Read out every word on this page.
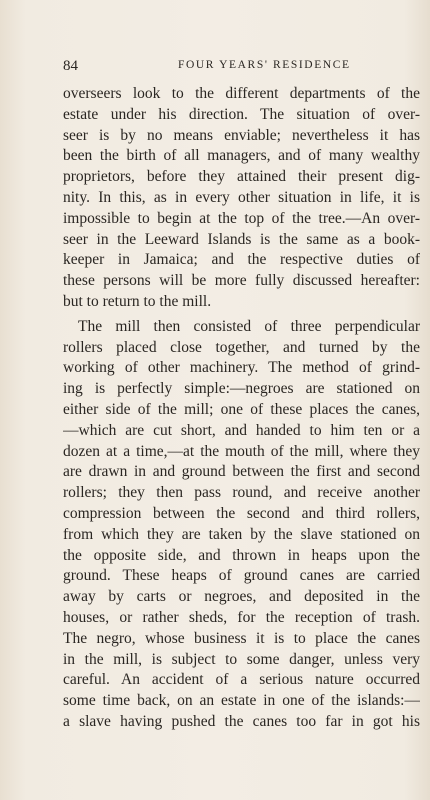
84	FOUR YEARS' RESIDENCE
overseers look to the different departments of the
estate under his direction. The situation of over-
seer is by no means enviable; nevertheless it has
been the birth of all managers, and of many wealthy
proprietors, before they attained their present dig-
nity. In this, as in every other situation in life, it is
impossible to begin at the top of the tree.—An over-
seer in the Leeward Islands is the same as a book-
keeper in Jamaica; and the respective duties of
these persons will be more fully discussed hereafter:
but to return to the mill.
The mill then consisted of three perpendicular
rollers placed close together, and turned by the
working of other machinery. The method of grind-
ing is perfectly simple:—negroes are stationed on
either side of the mill; one of these places the canes,
—which are cut short, and handed to him ten or a
dozen at a time,—at the mouth of the mill, where they
are drawn in and ground between the first and second
rollers; they then pass round, and receive another
compression between the second and third rollers,
from which they are taken by the slave stationed on
the opposite side, and thrown in heaps upon the
ground. These heaps of ground canes are carried
away by carts or negroes, and deposited in the
houses, or rather sheds, for the reception of trash.
The negro, whose business it is to place the canes
in the mill, is subject to some danger, unless very
careful. An accident of a serious nature occurred
some time back, on an estate in one of the islands:—
a slave having pushed the canes too far in got his
